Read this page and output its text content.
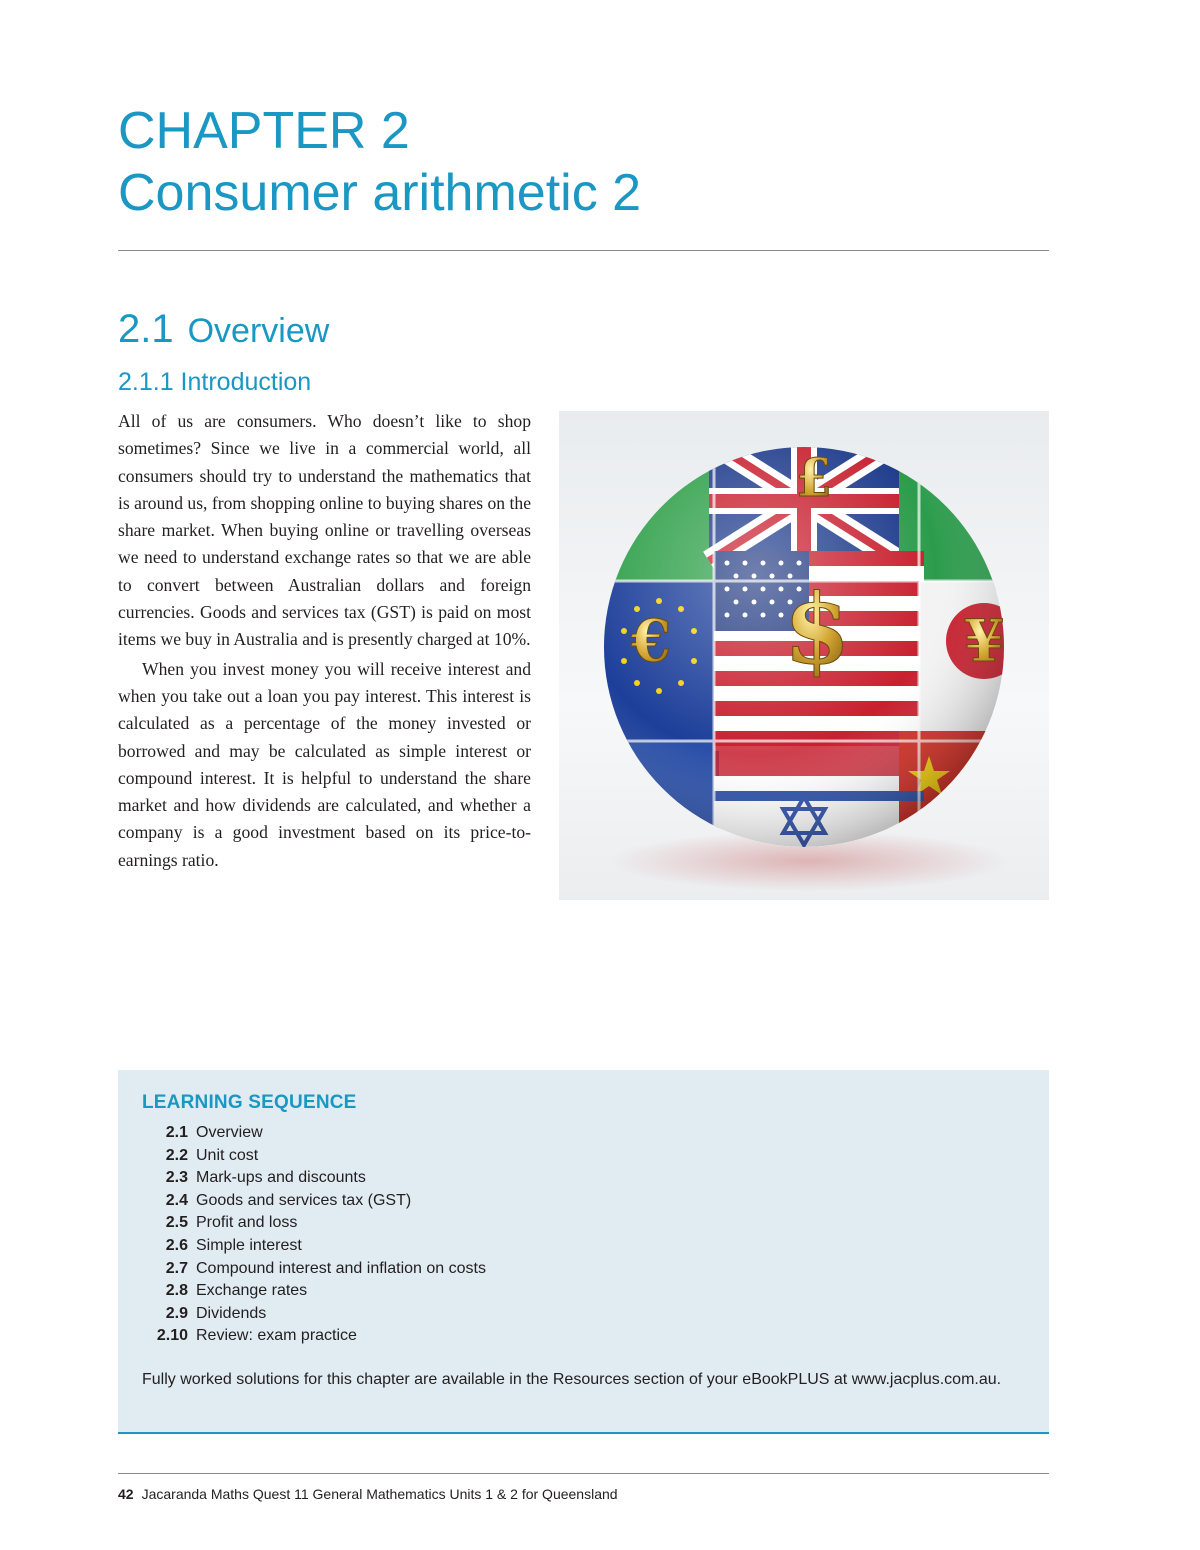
CHAPTER 2
Consumer arithmetic 2
2.1 Overview
2.1.1 Introduction

All of us are consumers. Who doesn’t like to shop sometimes? Since we live in a commercial world, all consumers should try to understand the mathematics that is around us, from shopping online to buying shares on the share market. When buying online or travelling overseas we need to understand exchange rates so that we are able to convert between Australian dollars and foreign currencies. Goods and services tax (GST) is paid on most items we buy in Australia and is presently charged at 10%.

When you invest money you will receive interest and when you take out a loan you pay interest. This interest is calculated as a percentage of the money invested or borrowed and may be calculated as simple interest or compound interest. It is helpful to understand the share market and how dividends are calculated, and whether a company is a good investment based on its price-to-earnings ratio.

£
$
€	¥
LEARNING SEQUENCE
2.1 Overview
2.2 Unit cost
2.3 Mark-ups and discounts
2.4 Goods and services tax (GST)
2.5 Profit and loss
2.6 Simple interest
2.7 Compound interest and inflation on costs
2.8 Exchange rates
2.9 Dividends
2.10 Review: exam practice

Fully worked solutions for this chapter are available in the Resources section of your eBookPLUS at www.jacplus.com.au.

42 Jacaranda Maths Quest 11 General Mathematics Units 1 & 2 for Queensland
